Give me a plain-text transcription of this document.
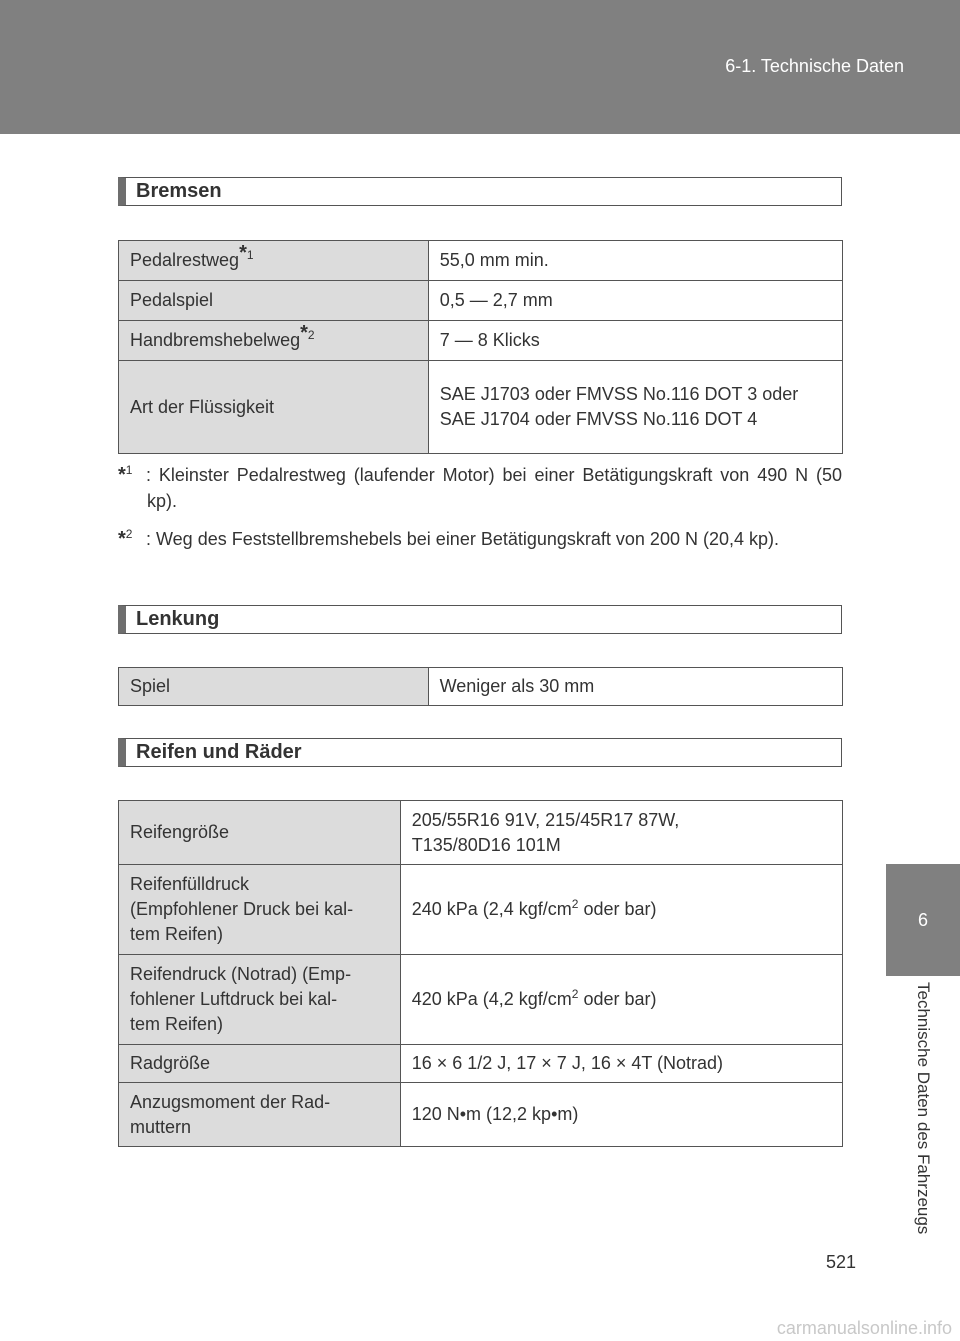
6-1. Technische Daten
6
Technische Daten des Fahrzeugs
Bremsen
Pedalrestweg$^{*1}$	55,0 mm min.
Pedalspiel	0,5 — 2,7 mm
Handbremshebelweg$^{*2}$	7 — 8 Klicks
Art der Flüssigkeit	SAE J1703 oder FMVSS No.116 DOT 3 oder SAE J1704 oder FMVSS No.116 DOT 4
*$^1$ : Kleinster Pedalrestweg (laufender Motor) bei einer Betätigungskraft von 490 N (50 kp).
*$^2$ : Weg des Feststellbremshebels bei einer Betätigungskraft von 200 N (20,4 kp).
Lenkung
Spiel	Weniger als 30 mm
Reifen und Räder
Reifengröße	205/55R16 91V, 215/45R17 87W,
T135/80D16 101M
Reifenfülldruck
(Empfohlener Druck bei kal-
tem Reifen)	240 kPa (2,4 kgf/$cm^2$ oder bar)
Reifendruck (Notrad) (Emp-
fohlener Luftdruck bei kal-
tem Reifen)	420 kPa (4,2 kgf/$cm^2$ oder bar)
Radgröße	16 × 6 1/2 J, 17 × 7 J, 16 × 4T (Notrad)
Anzugsmoment der Rad-
muttern	120 N•m (12,2 kp•m)
521
carmanualsonline.info
